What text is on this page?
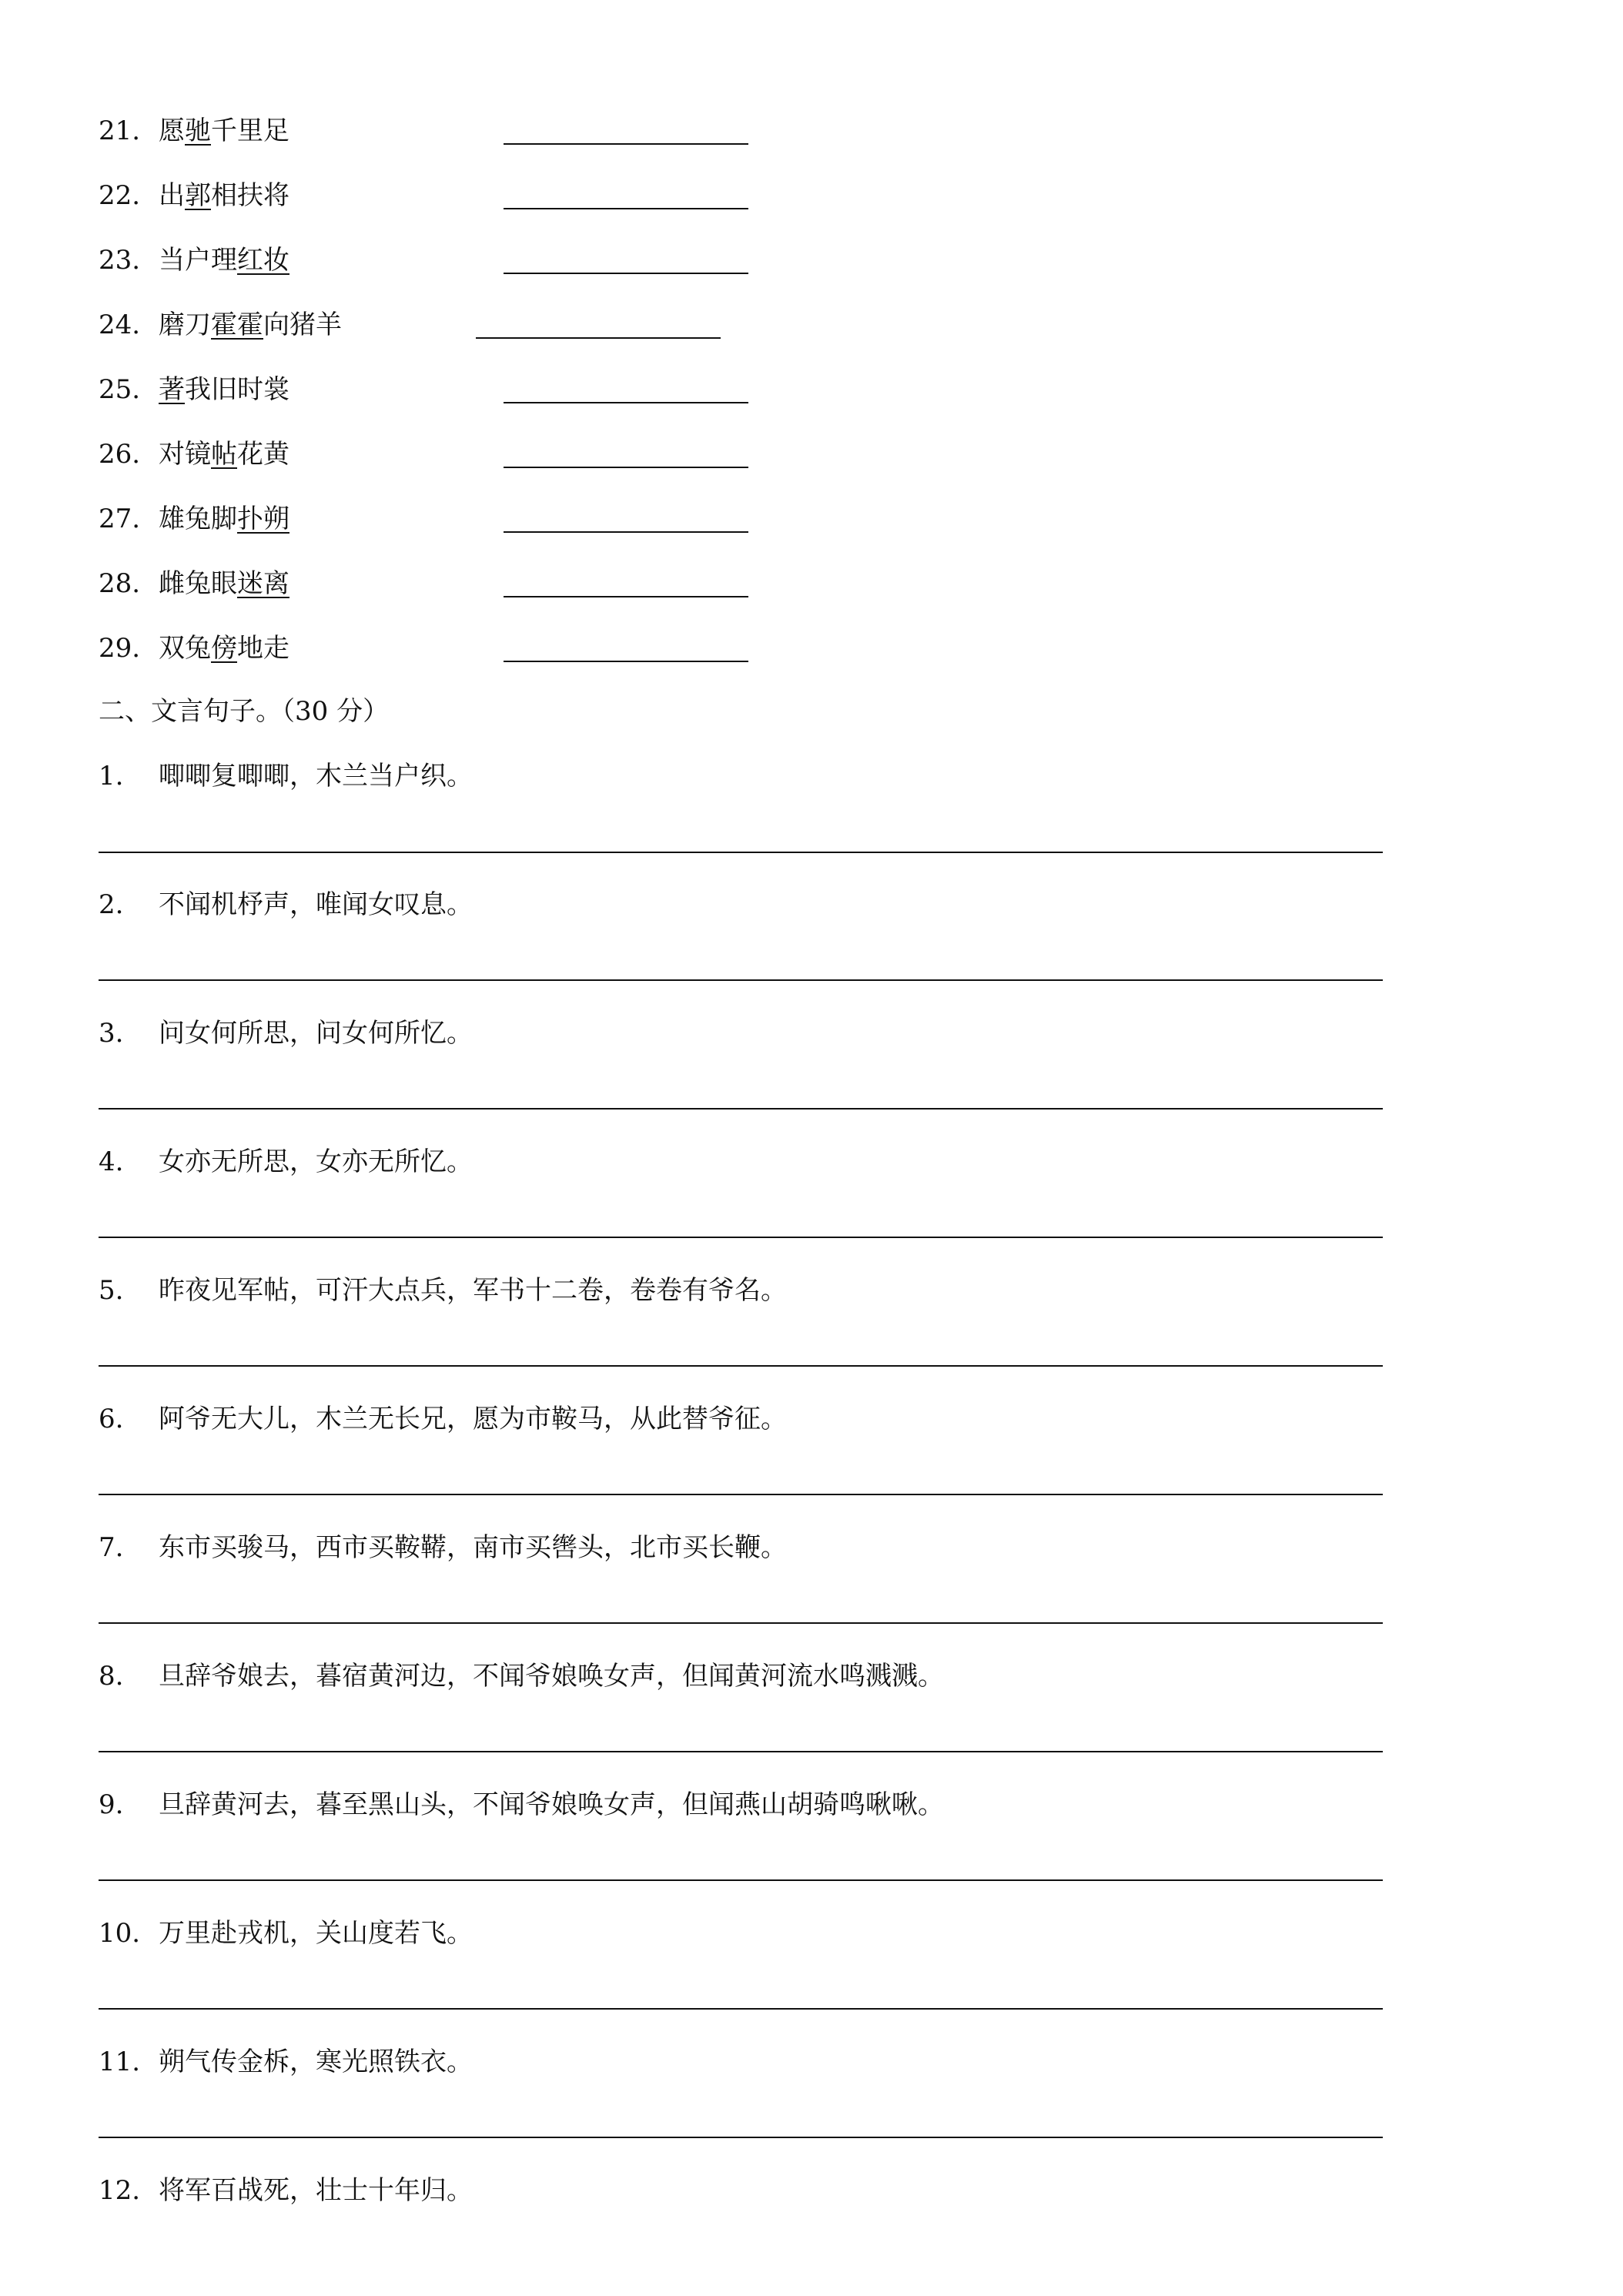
21. 愿驰千里足
22. 出郭相扶将
23. 当户理红妆
24. 磨刀霍霍向猪羊
25. 著我旧时裳
26. 对镜帖花黄
27. 雄兔脚扑朔
28. 雌兔眼迷离
29. 双兔傍地走
二、文言句子。（30 分）
1. 唧唧复唧唧，木兰当户织。
2. 不闻机杼声，唯闻女叹息。
3. 问女何所思，问女何所忆。
4. 女亦无所思，女亦无所忆。
5. 昨夜见军帖，可汗大点兵，军书十二卷，卷卷有爷名。
6. 阿爷无大儿，木兰无长兄，愿为市鞍马，从此替爷征。
7. 东市买骏马，西市买鞍鞯，南市买辔头，北市买长鞭。
8. 旦辞爷娘去，暮宿黄河边，不闻爷娘唤女声，但闻黄河流水鸣溅溅。
9. 旦辞黄河去，暮至黑山头，不闻爷娘唤女声，但闻燕山胡骑鸣啾啾。
10. 万里赴戎机，关山度若飞。
11. 朔气传金柝，寒光照铁衣。
12. 将军百战死，壮士十年归。
